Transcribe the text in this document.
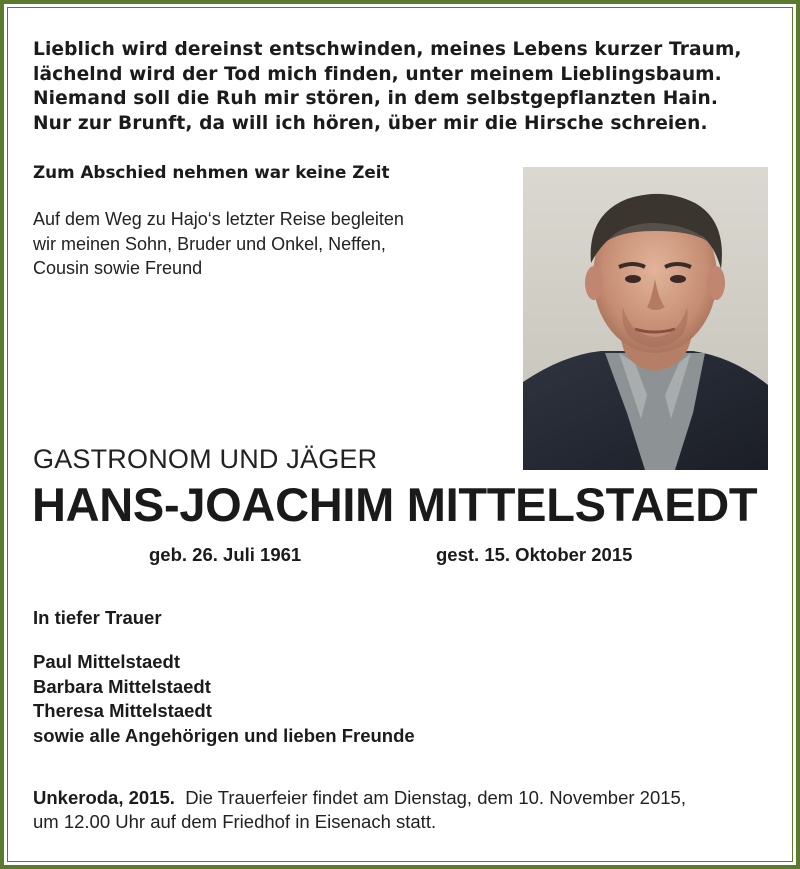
Lieblich wird dereinst entschwinden, meines Lebens kurzer Traum,
lächelnd wird der Tod mich finden, unter meinem Lieblingsbaum.
Niemand soll die Ruh mir stören, in dem selbstgepflanzten Hain.
Nur zur Brunft, da will ich hören, über mir die Hirsche schreien.
Zum Abschied nehmen war keine Zeit
Auf dem Weg zu Hajo‘s letzter Reise begleiten
wir meinen Sohn, Bruder und Onkel, Neffen,
Cousin sowie Freund
GASTRONOM UND JÄGER
HANS-JOACHIM MITTELSTAEDT
geb. 26. Juli 1961	gest. 15. Oktober 2015
In tiefer Trauer
Paul Mittelstaedt
Barbara Mittelstaedt
Theresa Mittelstaedt
sowie alle Angehörigen und lieben Freunde
Unkeroda, 2015. Die Trauerfeier findet am Dienstag, dem 10. November 2015,
um 12.00 Uhr auf dem Friedhof in Eisenach statt.
